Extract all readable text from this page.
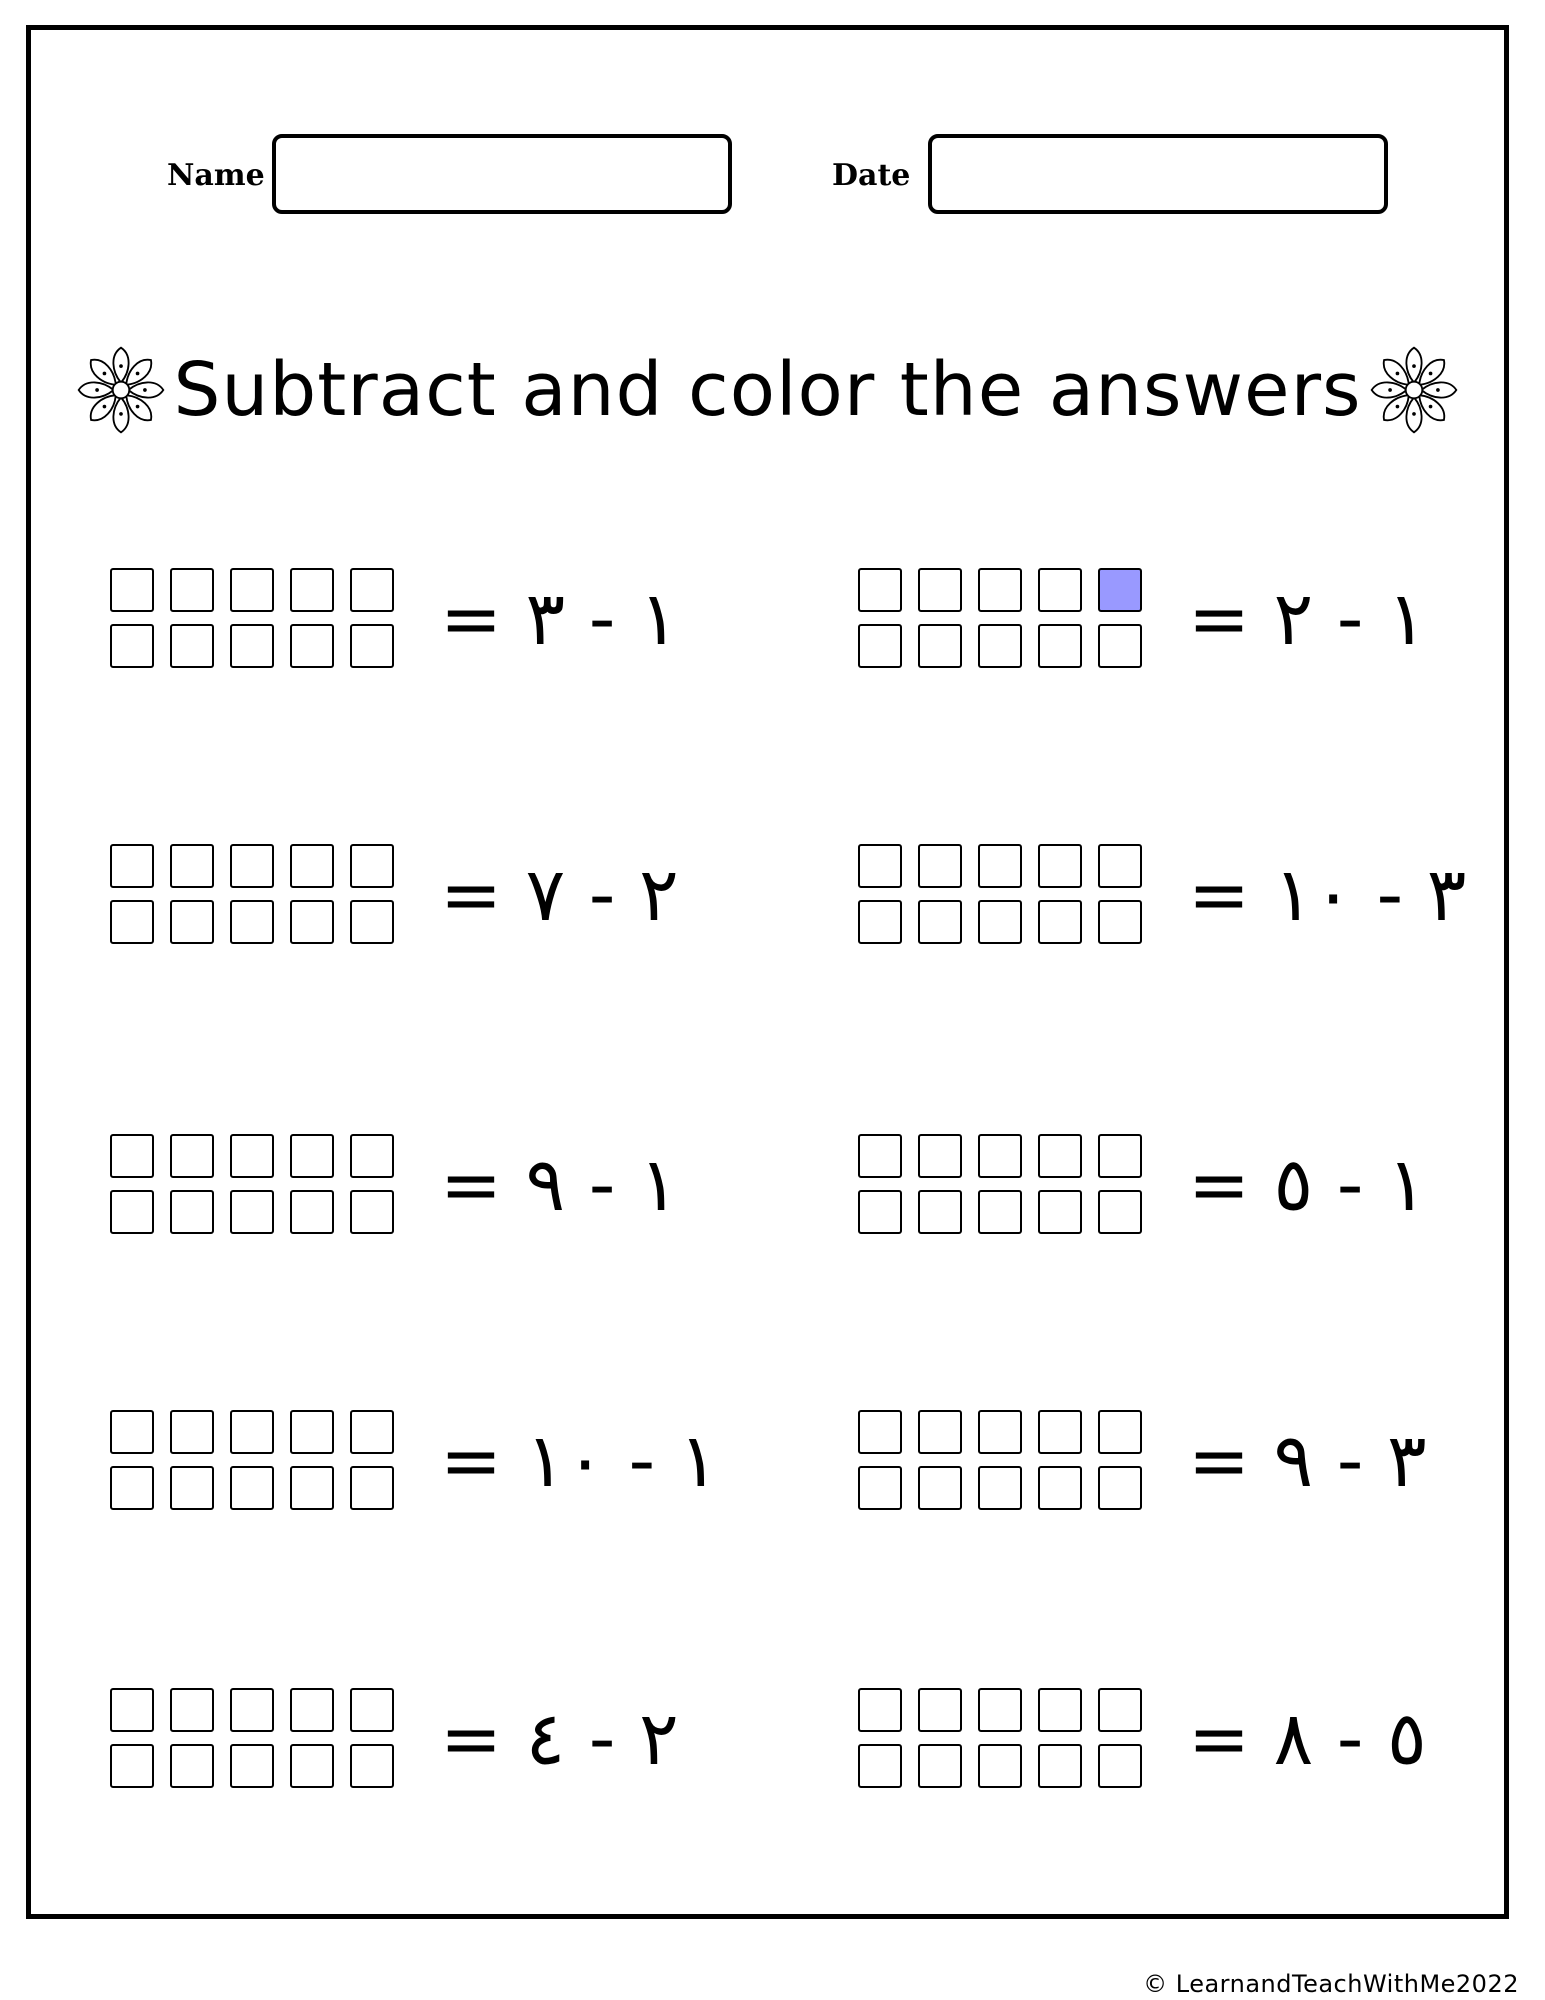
Name	Date
Subtract and color the answers
= ١ - ٣	= ١ - ٢
= ٢ - ٧	= ٣ - ١٠
= ١ - ٩	= ١ - ٥
= ١ - ١٠	= ٣ - ٩
= ٢ - ٤	= ٥ - ٨
© LearnandTeachWithMe2022
